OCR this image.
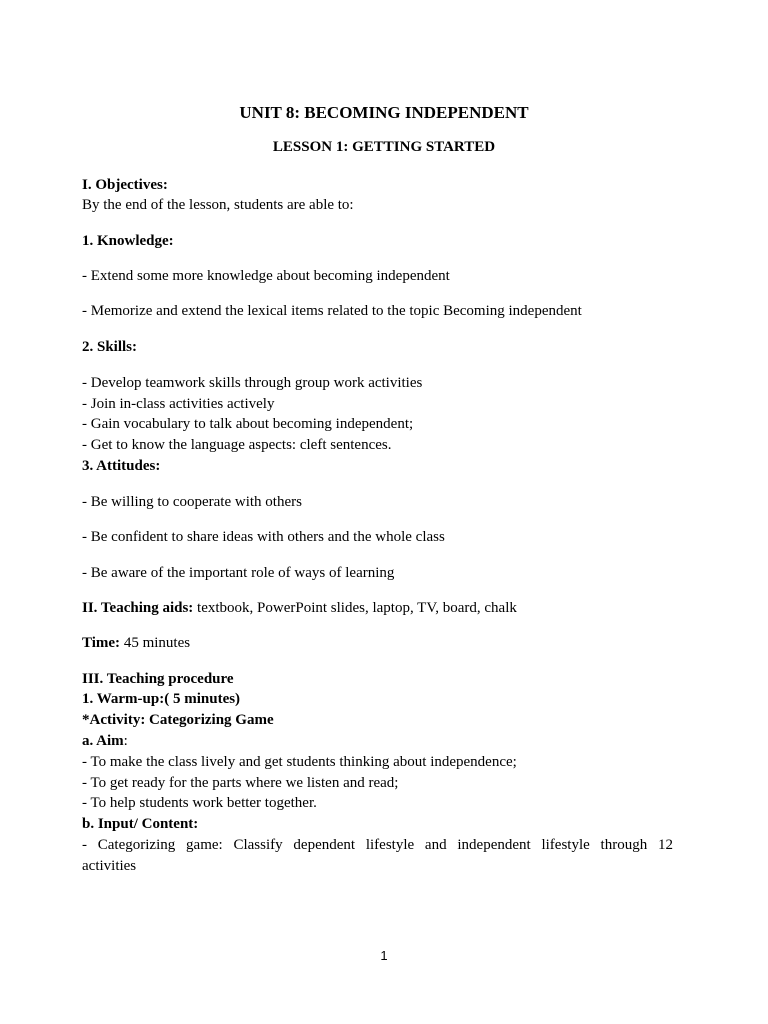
UNIT 8: BECOMING INDEPENDENT
LESSON 1: GETTING STARTED
I. Objectives:
By the end of the lesson, students are able to:
1. Knowledge:
- Extend some more knowledge about becoming independent
- Memorize and extend the lexical items related to the topic Becoming independent
2. Skills:
- Develop teamwork skills through group work activities
- Join in-class activities actively
- Gain vocabulary to talk about becoming independent;
- Get to know the language aspects: cleft sentences.
3. Attitudes:
- Be willing to cooperate with others
- Be confident to share ideas with others and the whole class
- Be aware of the important role of ways of learning
II. Teaching aids: textbook, PowerPoint slides, laptop, TV, board, chalk
Time: 45 minutes
III. Teaching procedure
1. Warm-up:( 5 minutes)
*Activity: Categorizing Game
a. Aim:
- To make the class lively and get students thinking about independence;
- To get ready for the parts where we listen and read;
- To help students work better together.
b. Input/ Content:
- Categorizing game: Classify dependent lifestyle and independent lifestyle through 12
activities
1
